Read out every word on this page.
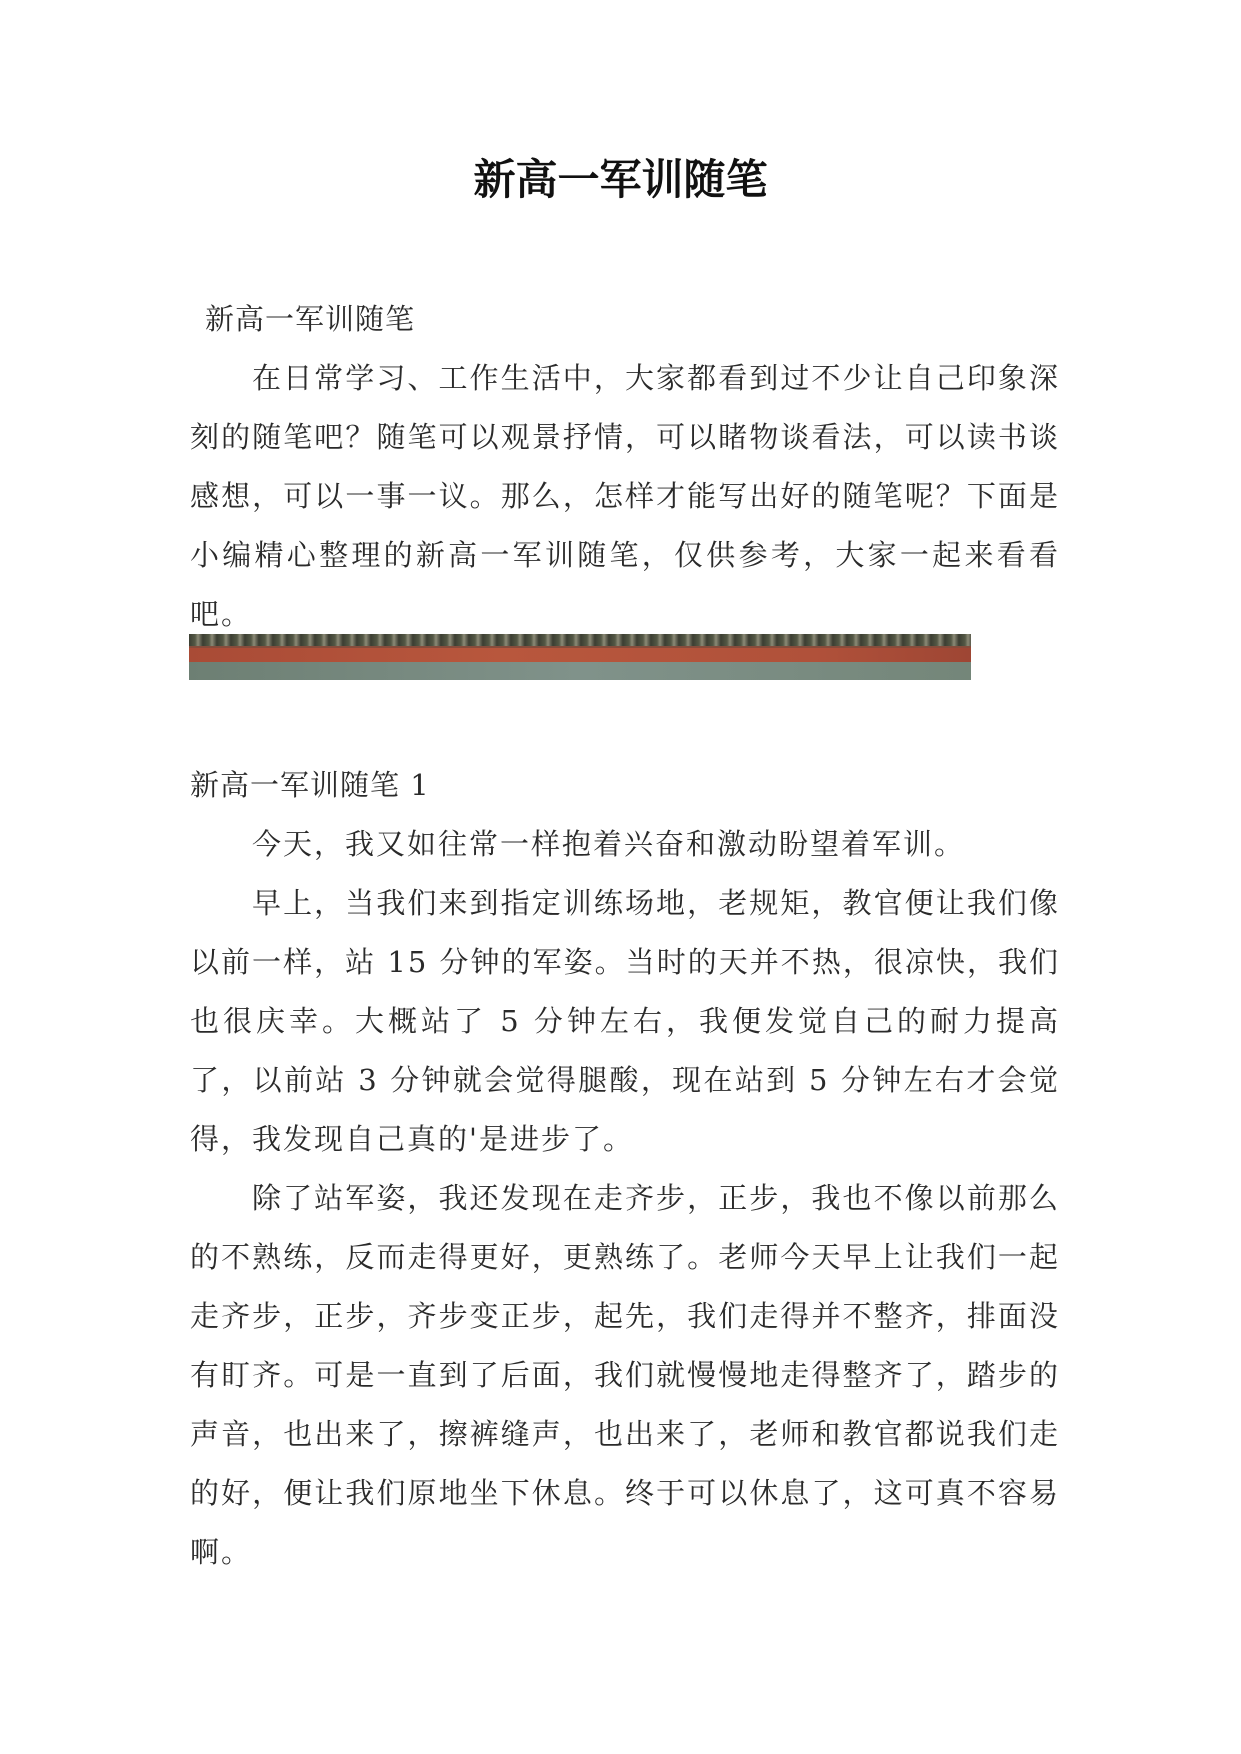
新高一军训随笔

新高一军训随笔

在日常学习、工作生活中，大家都看到过不少让自己印象深刻的随笔吧？随笔可以观景抒情，可以睹物谈看法，可以读书谈感想，可以一事一议。那么，怎样才能写出好的随笔呢？下面是小编精心整理的新高一军训随笔，仅供参考，大家一起来看看吧。

新高一军训随笔 1

今天，我又如往常一样抱着兴奋和激动盼望着军训。

早上，当我们来到指定训练场地，老规矩，教官便让我们像以前一样，站 15 分钟的军姿。当时的天并不热，很凉快，我们也很庆幸。大概站了 5 分钟左右，我便发觉自己的耐力提高了，以前站 3 分钟就会觉得腿酸，现在站到 5 分钟左右才会觉得，我发现自己真的'是进步了。

除了站军姿，我还发现在走齐步，正步，我也不像以前那么的不熟练，反而走得更好，更熟练了。老师今天早上让我们一起走齐步，正步，齐步变正步，起先，我们走得并不整齐，排面没有盯齐。可是一直到了后面，我们就慢慢地走得整齐了，踏步的声音，也出来了，擦裤缝声，也出来了，老师和教官都说我们走的好，便让我们原地坐下休息。终于可以休息了，这可真不容易啊。
